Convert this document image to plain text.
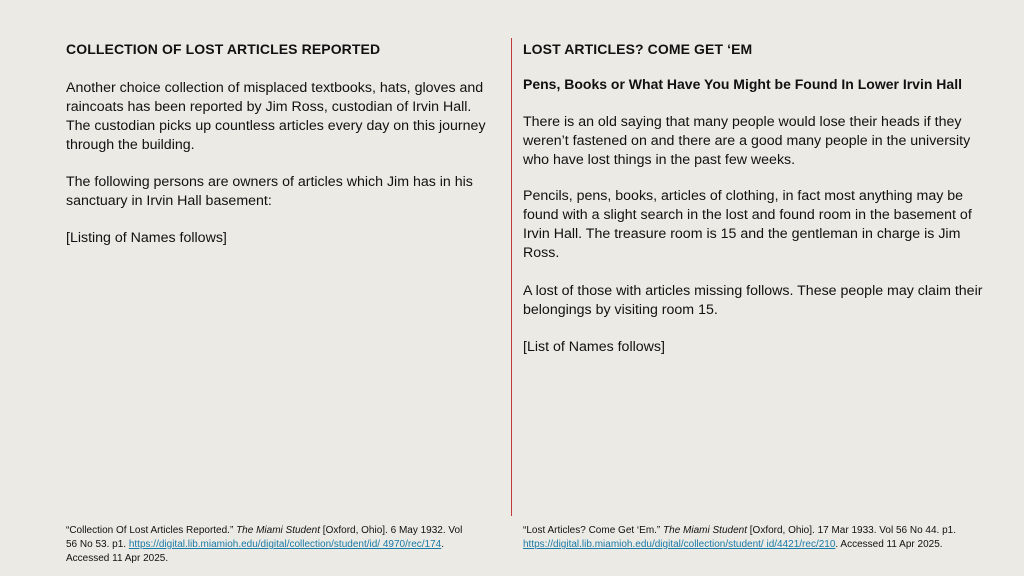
COLLECTION OF LOST ARTICLES REPORTED

Another choice collection of misplaced textbooks, hats, gloves and raincoats has been reported by Jim Ross, custodian of Irvin Hall. The custodian picks up countless articles every day on this journey through the building.

The following persons are owners of articles which Jim has in his sanctuary in Irvin Hall basement:

[Listing of Names follows]

“Collection Of Lost Articles Reported.” The Miami Student [Oxford, Ohio]. 6 May 1932. Vol 56 No 53. p1. https://digital.lib.miamioh.edu/digital/collection/student/id/ 4970/rec/174. Accessed 11 Apr 2025.

LOST ARTICLES? COME GET ‘EM
Pens, Books or What Have You Might be Found In Lower Irvin Hall

There is an old saying that many people would lose their heads if they weren’t fastened on and there are a good many people in the university who have lost things in the past few weeks.

Pencils, pens, books, articles of clothing, in fact most anything may be found with a slight search in the lost and found room in the basement of Irvin Hall. The treasure room is 15 and the gentleman in charge is Jim Ross.

A lost of those with articles missing follows. These people may claim their belongings by visiting room 15.

[List of Names follows]

“Lost Articles? Come Get ‘Em.” The Miami Student [Oxford, Ohio]. 17 Mar 1933. Vol 56 No 44. p1. https://digital.lib.miamioh.edu/digital/collection/student/ id/4421/rec/210. Accessed 11 Apr 2025.
